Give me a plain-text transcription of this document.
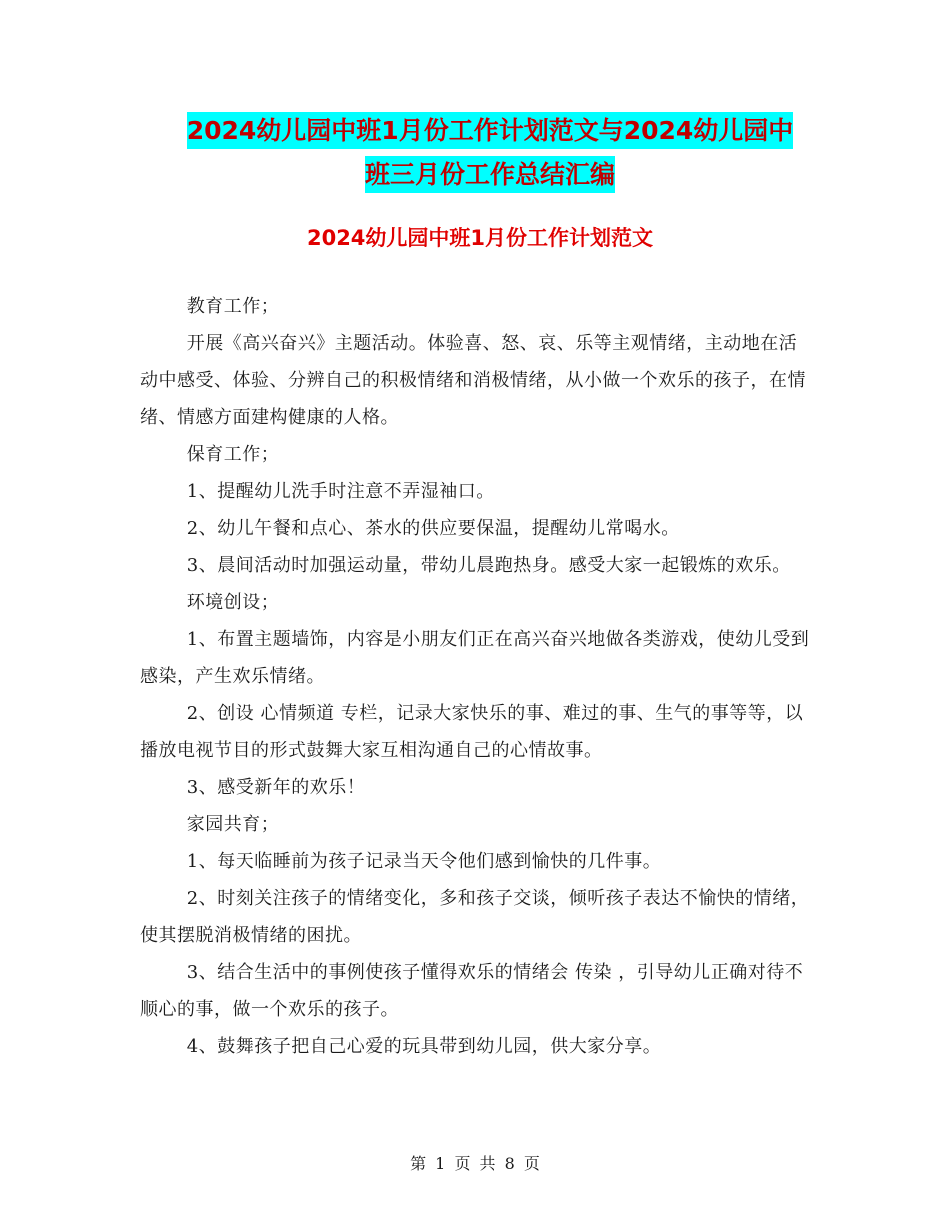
2024幼儿园中班1月份工作计划范文与2024幼儿园中
班三月份工作总结汇编
2024幼儿园中班1月份工作计划范文

教育工作；

开展《高兴奋兴》主题活动。体验喜、怒、哀、乐等主观情绪，主动地在活动中感受、体验、分辨自己的积极情绪和消极情绪，从小做一个欢乐的孩子，在情绪、情感方面建构健康的人格。

保育工作；

1、提醒幼儿洗手时注意不弄湿袖口。

2、幼儿午餐和点心、茶水的供应要保温，提醒幼儿常喝水。

3、晨间活动时加强运动量，带幼儿晨跑热身。感受大家一起锻炼的欢乐。

环境创设；

1、布置主题墙饰，内容是小朋友们正在高兴奋兴地做各类游戏，使幼儿受到感染，产生欢乐情绪。

2、创设 心情频道 专栏，记录大家快乐的事、难过的事、生气的事等等，以播放电视节目的形式鼓舞大家互相沟通自己的心情故事。

3、感受新年的欢乐！

家园共育；

1、每天临睡前为孩子记录当天令他们感到愉快的几件事。

2、时刻关注孩子的情绪变化，多和孩子交谈，倾听孩子表达不愉快的情绪，使其摆脱消极情绪的困扰。

3、结合生活中的事例使孩子懂得欢乐的情绪会 传染 ，引导幼儿正确对待不顺心的事，做一个欢乐的孩子。

4、鼓舞孩子把自己心爱的玩具带到幼儿园，供大家分享。

第 1 页 共 8 页
